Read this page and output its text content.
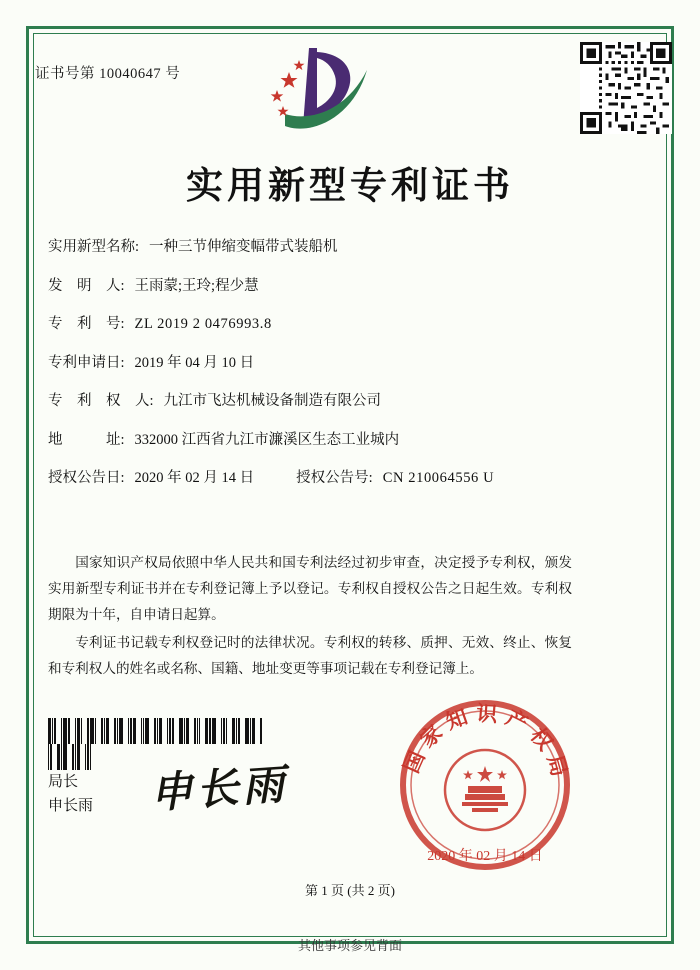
证书号第 10040647 号
实用新型专利证书
实用新型名称: 一种三节伸缩变幅带式装船机
发　明　人: 王雨蒙;王玲;程少慧
专　利　号: ZL 2019 2 0476993.8
专利申请日: 2019 年 04 月 10 日
专　利　权　人: 九江市飞达机械设备制造有限公司
地　　　址: 332000 江西省九江市濂溪区生态工业城内
授权公告日: 2020 年 02 月 14 日	授权公告号: CN 210064556 U

国家知识产权局依照中华人民共和国专利法经过初步审查，决定授予专利权，颁发实用新型专利证书并在专利登记簿上予以登记。专利权自授权公告之日起生效。专利权期限为十年，自申请日起算。

专利证书记载专利权登记时的法律状况。专利权的转移、质押、无效、终止、恢复和专利权人的姓名或名称、国籍、地址变更等事项记载在专利登记簿上。

局长
申长雨 申长雨
国家知识产权局
2020 年 02 月 14 日
第 1 页 (共 2 页)
其他事项参见背面
